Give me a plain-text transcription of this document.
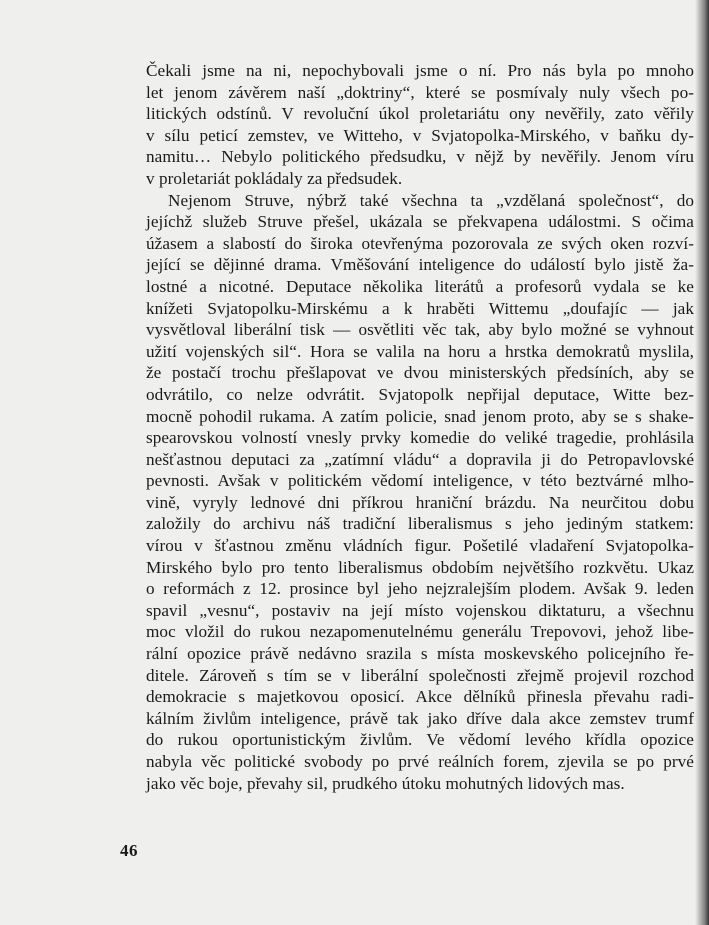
Čekali jsme na ni, nepochybovali jsme o ní. Pro nás byla po mnoho
let jenom závěrem naší „doktriny“, které se posmívaly nuly všech po-
litických odstínů. V revoluční úkol proletariátu ony nevěřily, zato věřily
v sílu peticí zemstev, ve Witteho, v Svjatopolka-Mirského, v baňku dy-
namitu… Nebylo politického předsudku, v nějž by nevěřily. Jenom víru
v proletariát pokládaly za předsudek.
Nejenom Struve, nýbrž také všechna ta „vzdělaná společnost“, do
jejíchž služeb Struve přešel, ukázala se překvapena událostmi. S očima
úžasem a slabostí do široka otevřenýma pozorovala ze svých oken rozví-
jející se dějinné drama. Vměšování inteligence do událostí bylo jistě ža-
lostné a nicotné. Deputace několika literátů a profesorů vydala se ke
knížeti Svjatopolku-Mirskému a k hraběti Wittemu „doufajíc — jak
vysvětloval liberální tisk — osvětliti věc tak, aby bylo možné se vyhnout
užití vojenských sil“. Hora se valila na horu a hrstka demokratů myslila,
že postačí trochu přešlapovat ve dvou ministerských předsíních, aby se
odvrátilo, co nelze odvrátit. Svjatopolk nepřijal deputace, Witte bez-
mocně pohodil rukama. A zatím policie, snad jenom proto, aby se s shake-
spearovskou volností vnesly prvky komedie do veliké tragedie, prohlásila
nešťastnou deputaci za „zatímní vládu“ a dopravila ji do Petropavlovské
pevnosti. Avšak v politickém vědomí inteligence, v této beztvárné mlho-
vině, vyryly lednové dni příkrou hraniční brázdu. Na neurčitou dobu
založily do archivu náš tradiční liberalismus s jeho jediným statkem:
vírou v šťastnou změnu vládních figur. Pošetilé vladaření Svjatopolka-
Mirského bylo pro tento liberalismus obdobím největšího rozkvětu. Ukaz
o reformách z 12. prosince byl jeho nejzralejším plodem. Avšak 9. leden
spavil „vesnu“, postaviv na její místo vojenskou diktaturu, a všechnu
moc vložil do rukou nezapomenutelnému generálu Trepovovi, jehož libe-
rální opozice právě nedávno srazila s místa moskevského policejního ře-
ditele. Zároveň s tím se v liberální společnosti zřejmě projevil rozchod
demokracie s majetkovou oposicí. Akce dělníků přinesla převahu radi-
kálním živlům inteligence, právě tak jako dříve dala akce zemstev trumf
do rukou oportunistickým živlům. Ve vědomí levého křídla opozice
nabyla věc politické svobody po prvé reálních forem, zjevila se po prvé
jako věc boje, převahy sil, prudkého útoku mohutných lidových mas.
46
